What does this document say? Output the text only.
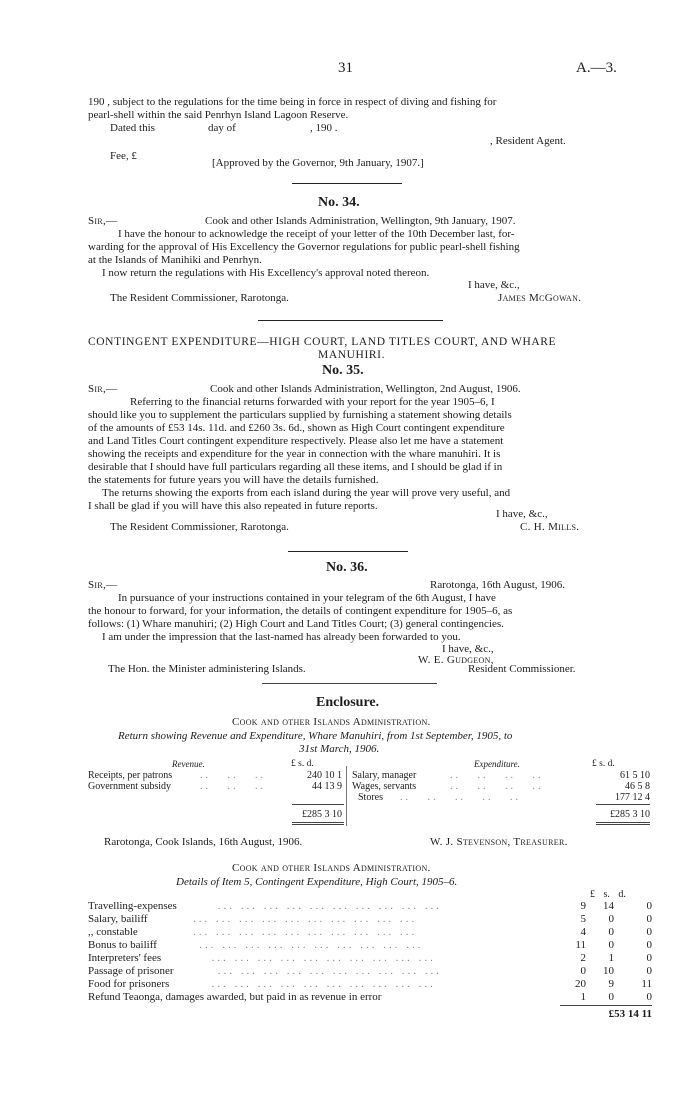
31	A.—3.
190 , subject to the regulations for the time being in force in respect of diving and fishing for
pearl-shell within the said Penrhyn Island Lagoon Reserve.
Dated this	day of	, 190 .
, Resident Agent.
Fee, £
[Approved by the Governor, 9th January, 1907.]
No. 34.
Sir,—	Cook and other Islands Administration, Wellington, 9th January, 1907.
I have the honour to acknowledge the receipt of your letter of the 10th December last, for-
warding for the approval of His Excellency the Governor regulations for public pearl-shell fishing
at the Islands of Manihiki and Penrhyn.
I now return the regulations with His Excellency's approval noted thereon.
I have, &c.,
The Resident Commissioner, Rarotonga.	James McGowan.
CONTINGENT EXPENDITURE—HIGH COURT, LAND TITLES COURT, AND WHARE
MANUHIRI.
No. 35.
Sir,—	Cook and other Islands Administration, Wellington, 2nd August, 1906.
Referring to the financial returns forwarded with your report for the year 1905–6, I
should like you to supplement the particulars supplied by furnishing a statement showing details
of the amounts of £53 14s. 11d. and £260 3s. 6d., shown as High Court contingent expenditure
and Land Titles Court contingent expenditure respectively. Please also let me have a statement
showing the receipts and expenditure for the year in connection with the whare manuhiri. It is
desirable that I should have full particulars regarding all these items, and I should be glad if in
the statements for future years you will have the details furnished.
The returns showing the exports from each island during the year will prove very useful, and
I shall be glad if you will have this also repeated in future reports.
I have, &c.,
The Resident Commissioner, Rarotonga.	C. H. Mills.
No. 36.
Sir,—	Rarotonga, 16th August, 1906.
In pursuance of your instructions contained in your telegram of the 6th August, I have
the honour to forward, for your information, the details of contingent expenditure for 1905–6, as
follows: (1) Whare manuhiri; (2) High Court and Land Titles Court; (3) general contingencies.
I am under the impression that the last-named has already been forwarded to you.
I have, &c.,
W. E. Gudgeon,
The Hon. the Minister administering Islands.	Resident Commissioner.
Enclosure.
Cook and other Islands Administration.
Return showing Revenue and Expenditure, Whare Manuhiri, from 1st September, 1905, to
31st March, 1906.
Revenue.	£ s. d.	Expenditure.	£ s. d.
Receipts, per patrons	..   ..   ..	240 10 1
Government subsidy	..   ..   ..	44 13 9
Salary, manager	..   ..   ..   ..	61 5 10
Wages, servants	..   ..   ..   ..	46 5 8
Stores ..   ..   ..   ..   ..	177 12 4
£285 3 10	£285 3 10
Rarotonga, Cook Islands, 16th August, 1906.	W. J. Stevenson, Treasurer.
Cook and other Islands Administration.
Details of Item 5, Contingent Expenditure, High Court, 1905–6.
£ s. d.
Travelling-expenses	... ... ... ... ... ... ... ... ... ...	9	14	0
Salary, bailiff	... ... ... ... ... ... ... ... ... ...	5	0	0
,, constable	... ... ... ... ... ... ... ... ... ...	4	0	0
Bonus to bailiff	... ... ... ... ... ... ... ... ... ...	11	0	0
Interpreters' fees	... ... ... ... ... ... ... ... ... ...	2	1	0
Passage of prisoner	... ... ... ... ... ... ... ... ... ...	0	10	0
Food for prisoners	... ... ... ... ... ... ... ... ... ...	20	9	11
Refund Teaonga, damages awarded, but paid in as revenue in error	1	0	0
£53 14 11
